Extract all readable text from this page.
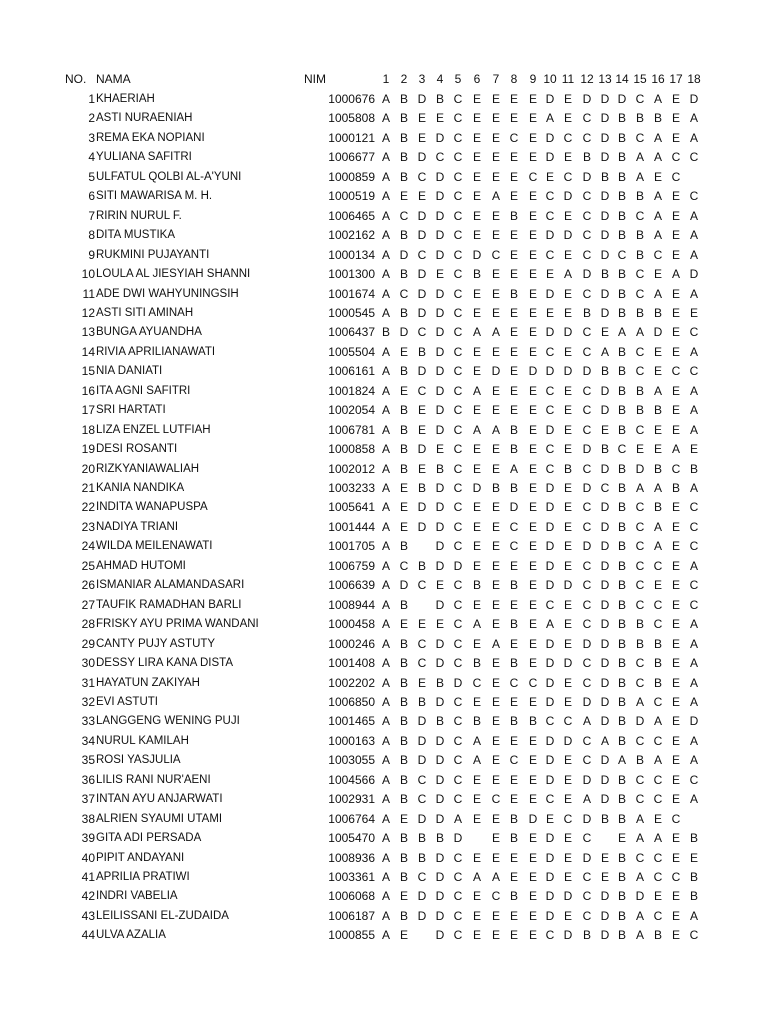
NO. NAMA	NIM	1 2 3 4 5	6	7 8	9 10 11 12 13 14 15 16 17 18
1 KHAERIAH	1000676 A B D B C E E E E D E D D D C A E D
2 ASTI NURAENIAH	1005808 A B E E C E E E E A E C D B B B E A
3 REMA EKA NOPIANI	1000121 A B E D C E E C E D C C D B C A E A
4 YULIANA SAFITRI	1006677 A B D C C E E E E D E B D B A A C C
5 ULFATUL QOLBI AL-A'YUNI	1000859 A B C D C E E E C E C D B B A E C
6 SITI MAWARISA M. H.	1000519 A E E D C E A E E C D C D B B A E C
7 RIRIN NURUL F.	1006465 A C D D C E E B E C E C D B C A E A
8 DITA MUSTIKA	1002162 A B D D C E E E E D D C D B B A E A
9 RUKMINI PUJAYANTI	1000134 A D C D C D C E E C E C D C B C E A
10 LOULA AL JIESYIAH SHANNI	1001300 A B D E C B E E E E A D B B C E A D
11 ADE DWI WAHYUNINGSIH	1001674 A C D D C E E B E D E C D B C A E A
12 ASTI SITI AMINAH	1000545 A B D D C E E E E E E B D B B B E E
13 BUNGA AYUANDHA	1006437 B D C D C A A E E D D C E A A D E C
14 RIVIA APRILIANAWATI	1005504 A E B D C E E E E C E C A B C E E A
15 NIA DANIATI	1006161 A B D D C E D E D D D D B B C E C C
16 ITA AGNI SAFITRI	1001824 A E C D C A E E E C E C D B B A E A
17 SRI HARTATI	1002054 A B E D C E E E E C E C D B B B E A
18 LIZA ENZEL LUTFIAH	1006781 A B E D C A A B E D E C E B C E E A
19 DESI ROSANTI	1000858 A B D E C E E B E C E D B C E E A E
20 RIZKYANIAWALIAH	1002012 A B E B C E E A E C B C D B D B C B
21 KANIA NANDIKA	1003233 A E B D C D B B E D E D C B A A B A
22 INDITA WANAPUSPA	1005641 A E D D C E E D E D E C D B C B E C
23 NADIYA TRIANI	1001444 A E D D C E E C E D E C D B C A E C
24 WILDA MEILENAWATI	1001705 A B	D C E E C E D E D D B C A E C
25 AHMAD HUTOMI	1006759 A C B D D E E E E D E C D B C C E A
26 ISMANIAR ALAMANDASARI	1006639 A D C E C B E B E D D C D B C E E C
27 TAUFIK RAMADHAN BARLI	1008944 A B	D C E E E E C E C D B C C E C
28 FRISKY AYU PRIMA WANDANI	1000458 A E E E C A E B E A E C D B B C E A
29 CANTY PUJY ASTUTY	1000246 A B C D C E A E E D E D D B B B E A
30 DESSY LIRA KANA DISTA	1001408 A B C D C B E B E D D C D B C B E A
31 HAYATUN ZAKIYAH	1002202 A B E B D C E C C D E C D B C B E A
32 EVI ASTUTI	1006850 A B B D C E E E E D E D D B A C E A
33 LANGGENG WENING PUJI	1001465 A B D B C B E B B C C A D B D A E D
34 NURUL KAMILAH	1000163 A B D D C A E E E D D C A B C C E A
35 ROSI YASJULIA	1003055 A B D D C A E C E D E C D A B A E A
36 LILIS RANI NUR'AENI	1004566 A B C D C E E E E D E D D B C C E C
37 INTAN AYU ANJARWATI	1002931 A B C D C E C E E C E A D B C C E A
38 ALRIEN SYAUMI UTAMI	1006764 A E D D A E E B D E C D B B A E C
39 GITA ADI PERSADA	1005470 A B B B D	E B E D E C	E A A E B
40 PIPIT ANDAYANI	1008936 A B B D C E E E E D E D E B C C E E
41 APRILIA PRATIWI	1003361 A B C D C A A E E D E C E B A C C B
42 INDRI VABELIA	1006068 A E D D C E C B E D D C D B D E E B
43 LEILISSANI EL-ZUDAIDA	1006187 A B D D C E E E E D E C D B A C E A
44 ULVA AZALIA	1000855 A E	D C E E E E C D B D B A B E C
